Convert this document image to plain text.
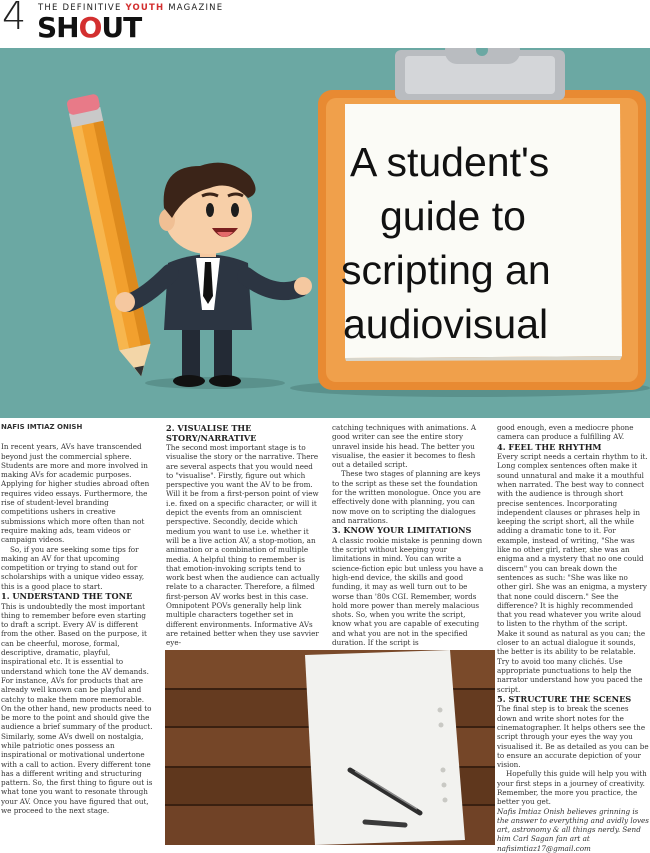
4 THE DEFINITIVE YOUTH MAGAZINE
SHOUT
A student's
guide to
scripting an
audiovisual

NAFIS IMTIAZ ONISH

In recent years, AVs have transcended beyond just the commercial sphere. Students are more and more involved in making AVs for academic purposes. Applying for higher studies abroad often requires video essays. Furthermore, the rise of student-level branding competitions ushers in creative submissions which more often than not require making ads, team videos or campaign videos.

So, if you are seeking some tips for making an AV for that upcoming competition or trying to stand out for scholarships with a unique video essay, this is a good place to start.

1. UNDERSTAND THE TONE

This is undoubtedly the most important thing to remember before even starting to draft a script. Every AV is different from the other. Based on the purpose, it can be cheerful, morose, formal, descriptive, dramatic, playful, inspirational etc. It is essential to understand which tone the AV demands. For instance, AVs for products that are already well known can be playful and catchy to make them more memorable. On the other hand, new products need to be more to the point and should give the audience a brief summary of the product. Similarly, some AVs dwell on nostalgia, while patriotic ones possess an inspirational or motivational undertone with a call to action. Every different tone has a different writing and structuring pattern. So, the first thing to figure out is what tone you want to resonate through your AV. Once you have figured that out, we proceed to the next stage.

2. VISUALISE THE STORY/NARRATIVE

The second most important stage is to visualise the story or the narrative. There are several aspects that you would need to "visualise". Firstly, figure out which perspective you want the AV to be from. Will it be from a first-person point of view i.e. fixed on a specific character, or will it depict the events from an omniscient perspective. Secondly, decide which medium you want to use i.e. whether it will be a live action AV, a stop-motion, an animation or a combination of multiple media. A helpful thing to remember is that emotion-invoking scripts tend to work best when the audience can actually relate to a character. Therefore, a filmed first-person AV works best in this case. Omnipotent POVs generally help link multiple characters together set in different environments. Informative AVs are retained better when they use savvier eye-

catching techniques with animations. A good writer can see the entire story unravel inside his head. The better you visualise, the easier it becomes to flesh out a detailed script.

These two stages of planning are keys to the script as these set the foundation for the written monologue. Once you are effectively done with planning, you can now move on to scripting the dialogues and narrations.

3. KNOW YOUR LIMITATIONS

A classic rookie mistake is penning down the script without keeping your limitations in mind. You can write a science-fiction epic but unless you have a high-end device, the skills and good funding, it may as well turn out to be worse than '80s CGI. Remember, words hold more power than merely malacious shots. So, when you write the script, know what you are capable of executing and what you are not in the specified duration. If the script is

good enough, even a mediocre phone camera can produce a fulfilling AV.

4. FEEL THE RHYTHM

Every script needs a certain rhythm to it. Long complex sentences often make it sound unnatural and make it a mouthful when narrated. The best way to connect with the audience is through short precise sentences. Incorporating independent clauses or phrases help in keeping the script short, all the while adding a dramatic tone to it. For example, instead of writing, "She was like no other girl, rather, she was an enigma and a mystery that no one could discern" you can break down the sentences as such: "She was like no other girl. She was an enigma, a mystery that none could discern." See the difference? It is highly recommended that you read whatever you write aloud to listen to the rhythm of the script. Make it sound as natural as you can; the closer to an actual dialogue it sounds, the better is its ability to be relatable. Try to avoid too many clichés. Use appropriate punctuations to help the narrator understand how you paced the script.

5. STRUCTURE THE SCENES

The final step is to break the scenes down and write short notes for the cinematographer. It helps others see the script through your eyes the way you visualised it. Be as detailed as you can be to ensure an accurate depiction of your vision.

Hopefully this guide will help you with your first steps in a journey of creativity. Remember, the more you practice, the better you get.

Nafis Imtiaz Onish believes grinning is the answer to everything and avidly loves art, astronomy & all things nerdy. Send him Carl Sagan fan art at nafisimtiaz17@gmail.com
